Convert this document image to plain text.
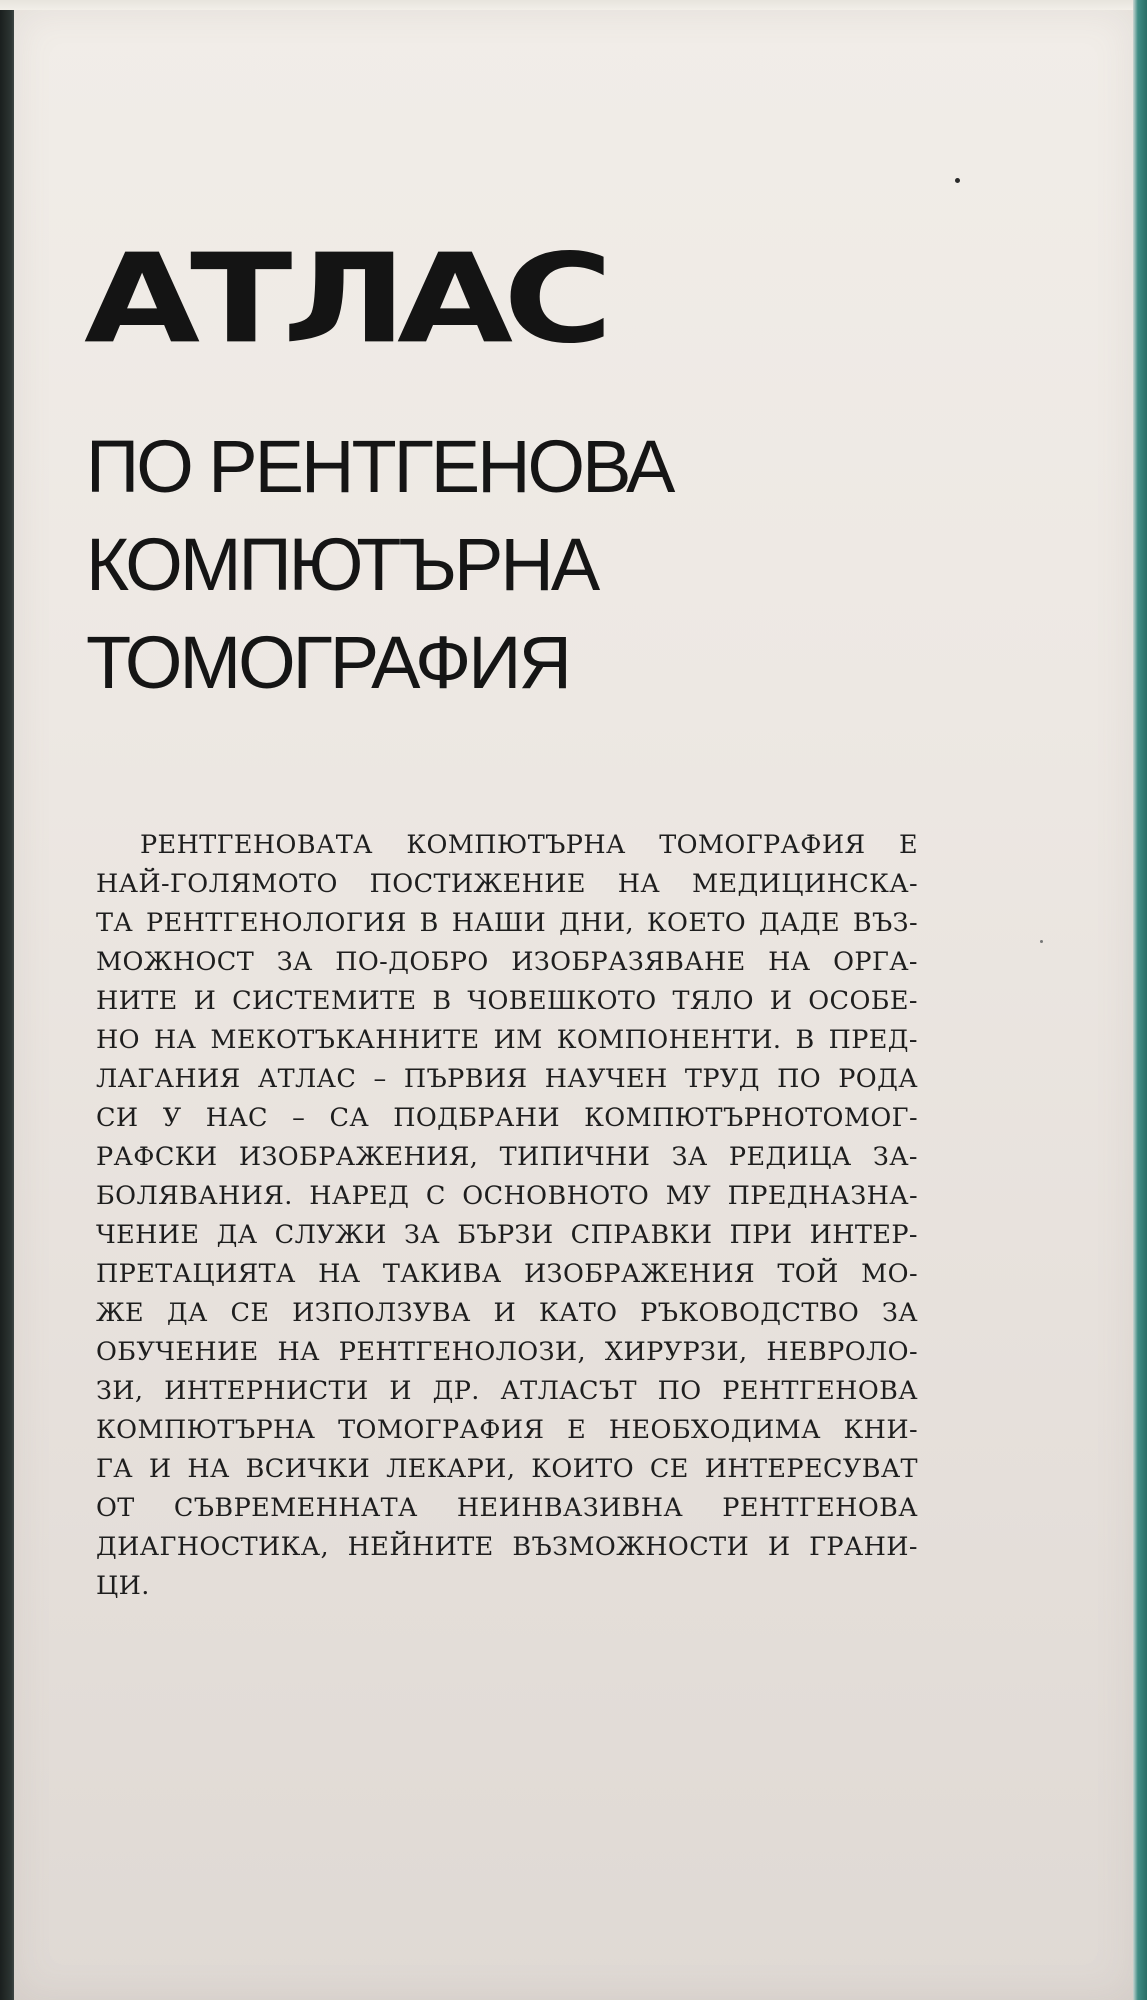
АТЛАС
ПО РЕНТГЕНОВА
КОМПЮТЪРНА
ТОМОГРАФИЯ
РЕНТГЕНОВАТА КОМПЮТЪРНА ТОМОГРАФИЯ Е
НАЙ-ГОЛЯМОТО ПОСТИЖЕНИЕ НА МЕДИЦИНСКА-
ТА РЕНТГЕНОЛОГИЯ В НАШИ ДНИ, КОЕТО ДАДЕ ВЪЗ-
МОЖНОСТ ЗА ПО-ДОБРО ИЗОБРАЗЯВАНЕ НА ОРГА-
НИТЕ И СИСТЕМИТЕ В ЧОВЕШКОТО ТЯЛО И ОСОБЕ-
НО НА МЕКОТЪКАННИТЕ ИМ КОМПОНЕНТИ. В ПРЕД-
ЛАГАНИЯ АТЛАС – ПЪРВИЯ НАУЧЕН ТРУД ПО РОДА
СИ У НАС – СА ПОДБРАНИ КОМПЮТЪРНОТОМОГ-
РАФСКИ ИЗОБРАЖЕНИЯ, ТИПИЧНИ ЗА РЕДИЦА ЗА-
БОЛЯВАНИЯ. НАРЕД С ОСНОВНОТО МУ ПРЕДНАЗНА-
ЧЕНИЕ ДА СЛУЖИ ЗА БЪРЗИ СПРАВКИ ПРИ ИНТЕР-
ПРЕТАЦИЯТА НА ТАКИВА ИЗОБРАЖЕНИЯ ТОЙ МО-
ЖЕ ДА СЕ ИЗПОЛЗУВА И КАТО РЪКОВОДСТВО ЗА
ОБУЧЕНИЕ НА РЕНТГЕНОЛОЗИ, ХИРУРЗИ, НЕВРОЛО-
ЗИ, ИНТЕРНИСТИ И ДР. АТЛАСЪТ ПО РЕНТГЕНОВА
КОМПЮТЪРНА ТОМОГРАФИЯ Е НЕОБХОДИМА КНИ-
ГА И НА ВСИЧКИ ЛЕКАРИ, КОИТО СЕ ИНТЕРЕСУВАТ
ОТ СЪВРЕМЕННАТА НЕИНВАЗИВНА РЕНТГЕНОВА
ДИАГНОСТИКА, НЕЙНИТЕ ВЪЗМОЖНОСТИ И ГРАНИ-
ЦИ.
